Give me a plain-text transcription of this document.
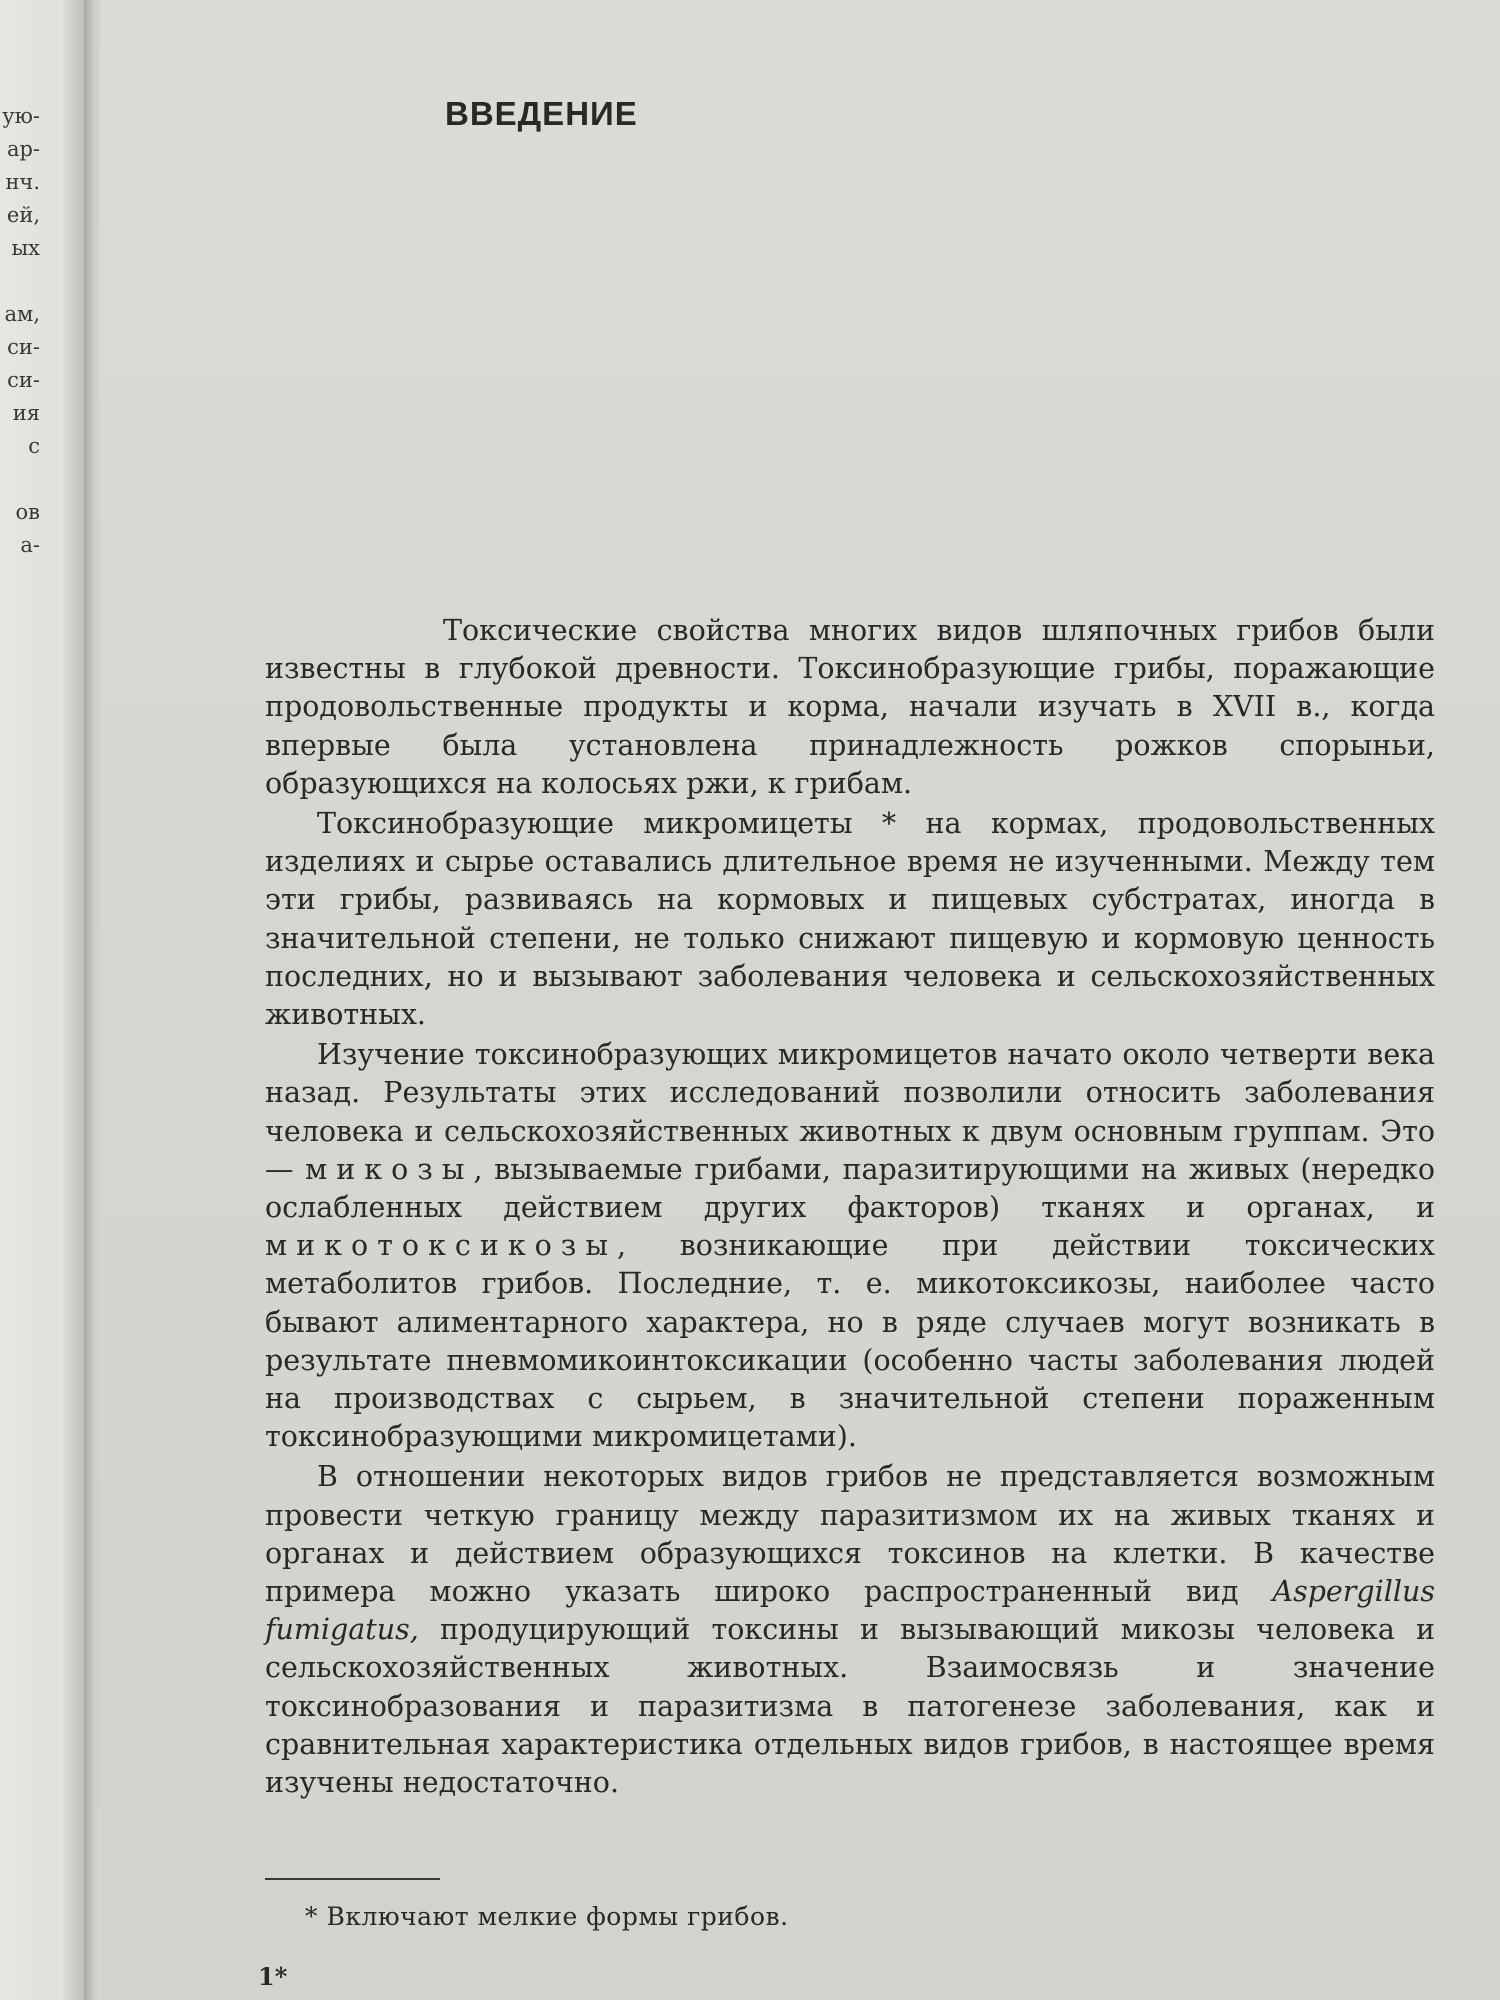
ую-
ар-
нч.
ей,
ых
ам,
си-
си-
ия
с
ов
а-
ВВЕДЕНИЕ

Токсические свойства многих видов шляпочных грибов были известны в глубокой древности. Токсинобразующие грибы, поражающие продовольственные продукты и корма, начали изучать в XVII в., когда впервые была установлена принадлежность рожков спорыньи, образующихся на колосьях ржи, к грибам.

Токсинобразующие микромицеты * на кормах, продовольственных изделиях и сырье оставались длительное время не изученными. Между тем эти грибы, развиваясь на кормовых и пищевых субстратах, иногда в значительной степени, не только снижают пищевую и кормовую ценность последних, но и вызывают заболевания человека и сельскохозяйственных животных.

Изучение токсинобразующих микромицетов начато около четверти века назад. Результаты этих исследований позволили относить заболевания человека и сельскохозяйственных животных к двум основным группам. Это — микозы, вызываемые грибами, паразитирующими на живых (нередко ослабленных действием других факторов) тканях и органах, и микотоксикозы, возникающие при действии токсических метаболитов грибов. Последние, т. е. микотоксикозы, наиболее часто бывают алиментарного характера, но в ряде случаев могут возникать в результате пневмомикоинтоксикации (особенно часты заболевания людей на производствах с сырьем, в значительной степени пораженным токсинобразующими микромицетами).

В отношении некоторых видов грибов не представляется возможным провести четкую границу между паразитизмом их на живых тканях и органах и действием образующихся токсинов на клетки. В качестве примера можно указать широко распространенный вид Aspergillus fumigatus, продуцирующий токсины и вызывающий микозы человека и сельскохозяйственных животных. Взаимосвязь и значение токсинобразования и паразитизма в патогенезе заболевания, как и сравнительная характеристика отдельных видов грибов, в настоящее время изучены недостаточно.

* Включают мелкие формы грибов.
1*
